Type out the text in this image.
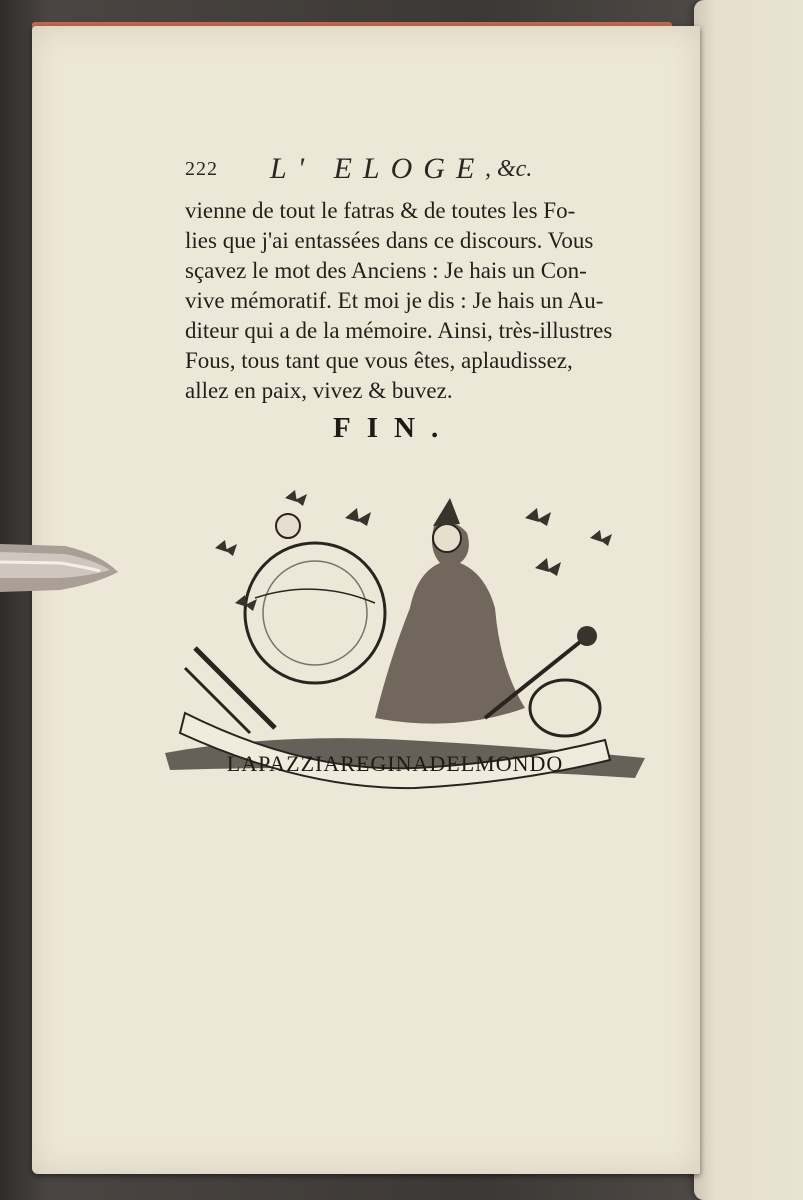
222 L' ELOGE , &c.
vienne de tout le fatras & de toutes les Fo-
lies que j'ai entassées dans ce discours. Vous
sçavez le mot des Anciens : Je hais un Con-
vive mémoratif. Et moi je dis : Je hais un Au-
diteur qui a de la mémoire. Ainsi, très-illustres
Fous, tous tant que vous êtes, aplaudissez,
allez en paix, vivez & buvez.
FIN.
LAPAZZIAREGINADELMONDO
